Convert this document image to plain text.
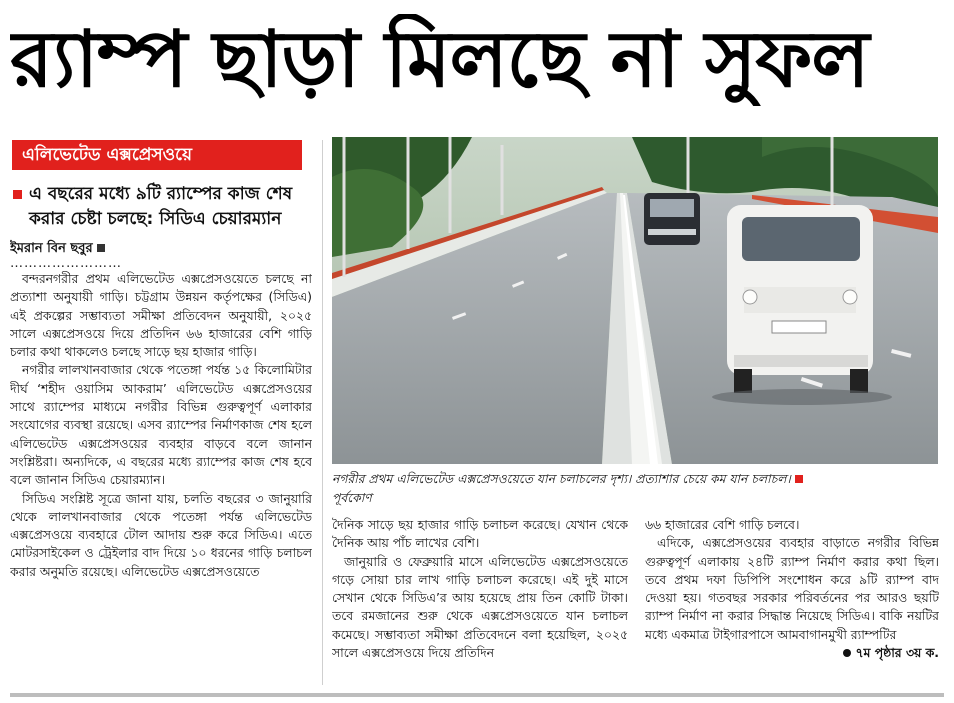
র‍্যাম্প ছাড়া মিলছে না সুফল
এলিভেটেড এক্সপ্রেসওয়ে
এ বছরের মধ্যে ৯টি র‍্যাম্পের কাজ শেষ করার চেষ্টা চলছে: সিডিএ চেয়ারম্যান
ইমরান বিন ছবুর
……………………

বন্দরনগরীর প্রথম এলিভেটেড এক্সপ্রেসওয়েতে চলছে না প্রত্যাশা অনুযায়ী গাড়ি। চট্টগ্রাম উন্নয়ন কর্তৃপক্ষের (সিডিএ) এই প্রকল্পের সম্ভাব্যতা সমীক্ষা প্রতিবেদন অনুযায়ী, ২০২৫ সালে এক্সপ্রেসওয়ে দিয়ে প্রতিদিন ৬৬ হাজারের বেশি গাড়ি চলার কথা থাকলেও চলছে সাড়ে ছয় হাজার গাড়ি।

নগরীর লালখানবাজার থেকে পতেঙ্গা পর্যন্ত ১৫ কিলোমিটার দীর্ঘ ‘শহীদ ওয়াসিম আকরাম’ এলিভেটেড এক্সপ্রেসওয়ের সাথে র‍্যাম্পের মাধ্যমে নগরীর বিভিন্ন গুরুত্বপূর্ণ এলাকার সংযোগের ব্যবস্থা রয়েছে। এসব র‍্যাম্পের নির্মাণকাজ শেষ হলে এলিভেটেড এক্সপ্রেসওয়ের ব্যবহার বাড়বে বলে জানান সংশ্লিষ্টরা। অন্যদিকে, এ বছরের মধ্যে র‍্যাম্পের কাজ শেষ হবে বলে জানান সিডিএ চেয়ারম্যান।

সিডিএ সংশ্লিষ্ট সূত্রে জানা যায়, চলতি বছরের ৩ জানুয়ারি থেকে লালখানবাজার থেকে পতেঙ্গা পর্যন্ত এলিভেটেড এক্সপ্রেসওয়ে ব্যবহারে টোল আদায় শুরু করে সিডিএ। এতে মোটরসাইকেল ও ট্রেইলার বাদ দিয়ে ১০ ধরনের গাড়ি চলাচল করার অনুমতি রয়েছে। এলিভেটেড এক্সপ্রেসওয়েতে

নগরীর প্রথম এলিভেটেড এক্সপ্রেসওয়েতে যান চলাচলের দৃশ্য। প্রত্যাশার চেয়ে কম যান চলাচল।
পূর্বকোণ

দৈনিক সাড়ে ছয় হাজার গাড়ি চলাচল করেছে। যেখান থেকে দৈনিক আয় পাঁচ লাখের বেশি।

জানুয়ারি ও ফেব্রুয়ারি মাসে এলিভেটেড এক্সপ্রেসওয়েতে গড়ে সোয়া চার লাখ গাড়ি চলাচল করেছে। এই দুই মাসে সেখান থেকে সিডিএ’র আয় হয়েছে প্রায় তিন কোটি টাকা। তবে রমজানের শুরু থেকে এক্সপ্রেসওয়েতে যান চলাচল কমেছে। সম্ভাব্যতা সমীক্ষা প্রতিবেদনে বলা হয়েছিল, ২০২৫ সালে এক্সপ্রেসওয়ে দিয়ে প্রতিদিন

৬৬ হাজারের বেশি গাড়ি চলবে।

এদিকে, এক্সপ্রেসওয়ের ব্যবহার বাড়াতে নগরীর বিভিন্ন গুরুত্বপূর্ণ এলাকায় ২৪টি র‍্যাম্প নির্মাণ করার কথা ছিল। তবে প্রথম দফা ডিপিপি সংশোধন করে ৯টি র‍্যাম্প বাদ দেওয়া হয়। গতবছর সরকার পরিবর্তনের পর আরও ছয়টি র‍্যাম্প নির্মাণ না করার সিদ্ধান্ত নিয়েছে সিডিএ। বাকি নয়টির মধ্যে একমাত্র টাইগারপাসে আমবাগানমুখী র‍্যাম্পটির

৭ম পৃষ্ঠার ৩য় ক.
